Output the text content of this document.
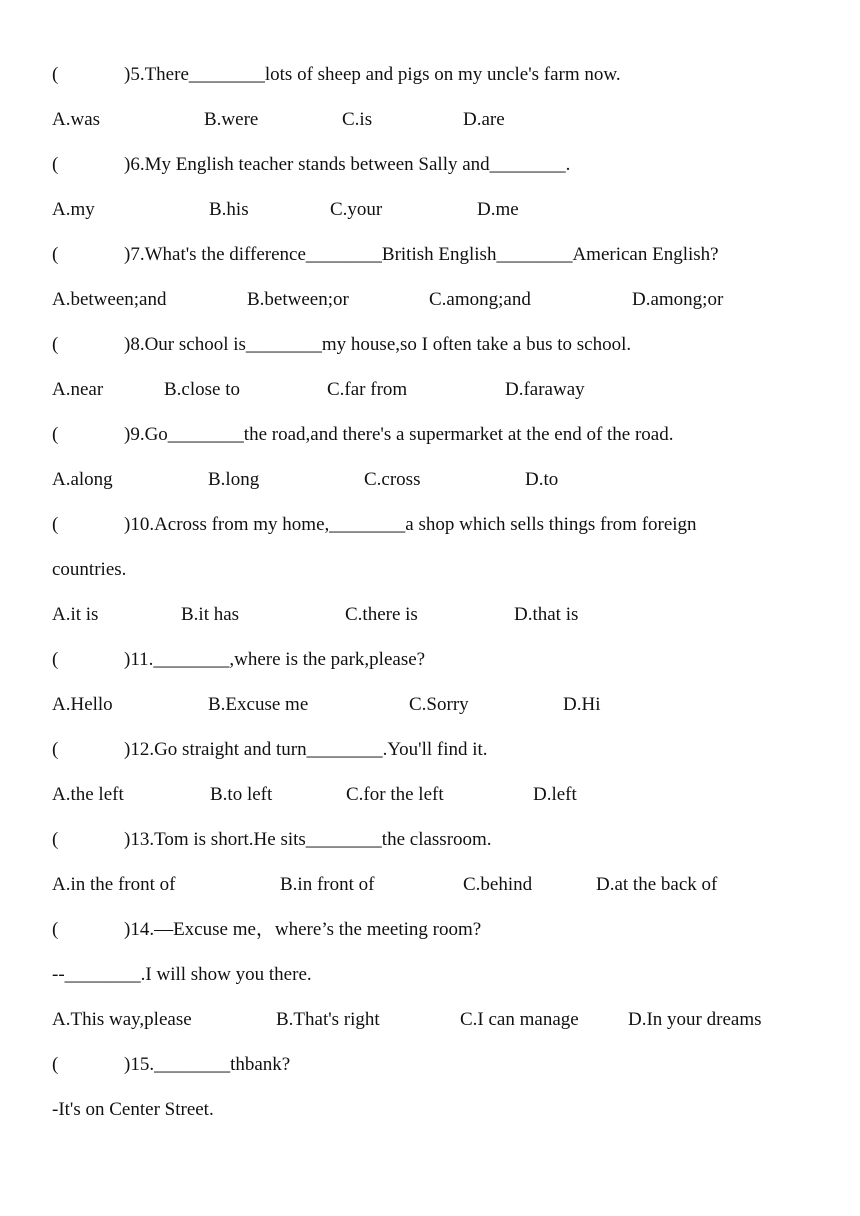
(	)5.There________lots of sheep and pigs on my uncle's farm now.
A.was	B.were	C.is	D.are
(	)6.My English teacher stands between Sally and________.
A.my	B.his	C.your	D.me
(	)7.What's the difference________British English________American English?
A.between;and	B.between;or	C.among;and	D.among;or
(	)8.Our school is________my house,so I often take a bus to school.
A.near	B.close to	C.far from	D.faraway
(	)9.Go________the road,and there's a supermarket at the end of the road.
A.along	B.long	C.cross	D.to
(	)10.Across from my home,________a shop which sells things from foreign
countries.
A.it is	B.it has	C.there is	D.that is
(	)11.________,where is the park,please?
A.Hello	B.Excuse me	C.Sorry	D.Hi
(	)12.Go straight and turn________.You'll find it.
A.the left	B.to left	C.for the left	D.left
(	)13.Tom is short.He sits________the classroom.
A.in the front of	B.in front of	C.behind	D.at the back of
(	)14.—Excuse me，where’s the meeting room?
--________.I will show you there.
A.This way,please	B.That's right	C.I can manage	D.In your dreams
(	)15.________thbank?
-It's on Center Street.
